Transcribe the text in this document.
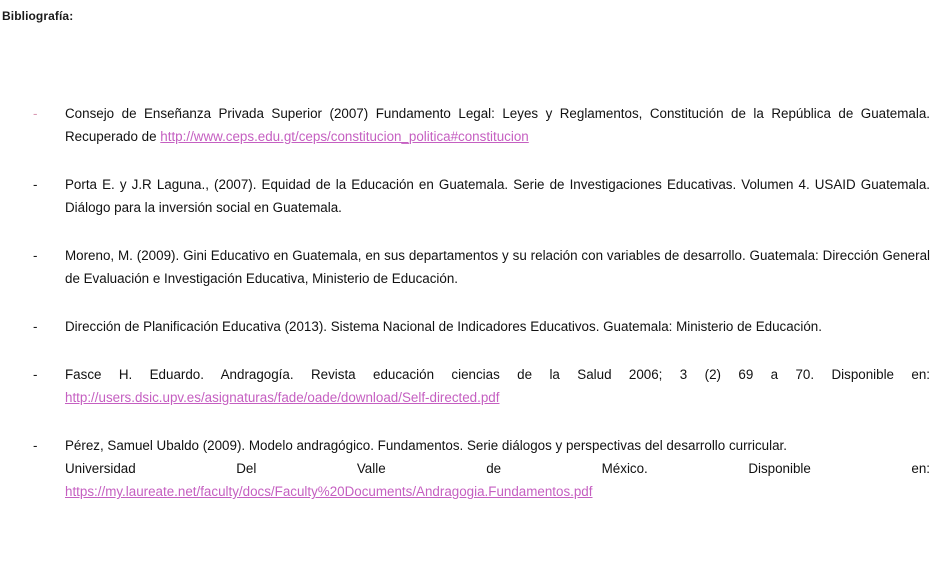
Bibliografía:
- Consejo de Enseñanza Privada Superior (2007) Fundamento Legal: Leyes y Reglamentos, Constitución de la República de Guatemala. Recuperado de http://www.ceps.edu.gt/ceps/constitucion_politica#constitucion
- Porta E. y J.R Laguna., (2007). Equidad de la Educación en Guatemala. Serie de Investigaciones Educativas. Volumen 4. USAID Guatemala. Diálogo para la inversión social en Guatemala.
- Moreno, M. (2009). Gini Educativo en Guatemala, en sus departamentos y su relación con variables de desarrollo. Guatemala: Dirección General de Evaluación e Investigación Educativa, Ministerio de Educación.
- Dirección de Planificación Educativa (2013). Sistema Nacional de Indicadores Educativos. Guatemala: Ministerio de Educación.
- Fasce H. Eduardo. Andragogía. Revista educación ciencias de la Salud 2006; 3 (2) 69 a 70. Disponible en: http://users.dsic.upv.es/asignaturas/fade/oade/download/Self-directed.pdf
- Pérez, Samuel Ubaldo (2009). Modelo andragógico. Fundamentos. Serie diálogos y perspectivas del desarrollo curricular.
Universidad	Del	Valle	de	México.	Disponible	en:
https://my.laureate.net/faculty/docs/Faculty%20Documents/Andragogia.Fundamentos.pdf
